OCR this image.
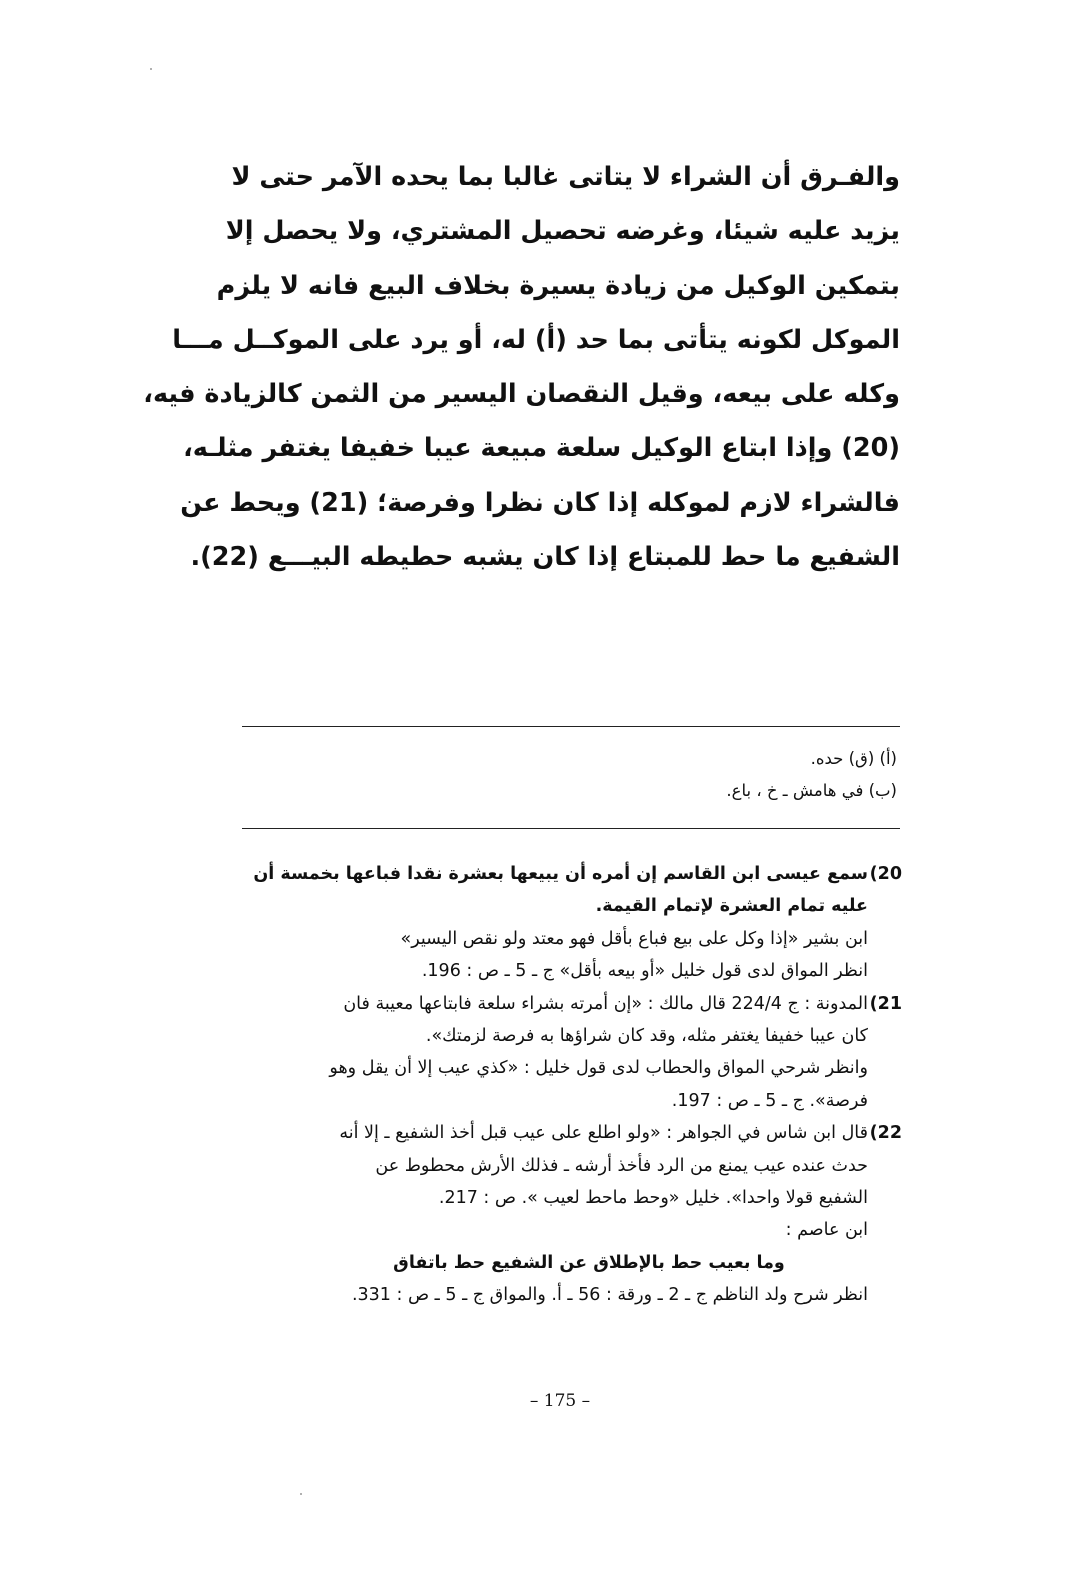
والفـرق أن الشراء لا يتاتى غالبا بما يحده الآمر حتى لا
يزيد عليه شيئا، وغرضه تحصيل المشتري، ولا يحصل إلا
بتمكين الوكيل من زيادة يسيرة بخلاف البيع فانه لا يلزم
الموكل لكونه يتأتى بما حد (أ) له، أو يرد على الموكــل مـــا
وكله على بيعه، وقيل النقصان اليسير من الثمن كالزيادة فيه،
(20) وإذا ابتاع الوكيل سلعة مبيعة عيبا خفيفا يغتفر مثلـه،
فالشراء لازم لموكله إذا كان نظرا وفرصة؛ (21) ويحط عن
الشفيع ما حط للمبتاع إذا كان يشبه حطيطه البيـــع (22).
(أ) (ق) حده.
(ب) في هامش ـ خ ، باع.
20)
سمع عيسى ابن القاسم إن أمره أن يبيعها بعشرة نقدا فباعها بخمسة أن
عليه تمام العشرة لإتمام القيمة.
ابن بشير «إذا وكل على بيع فباع بأقل فهو معتد ولو نقص اليسير»
انظر المواق لدى قول خليل «أو بيعه بأقل» ج ـ 5 ـ ص : 196.
21)
المدونة : ج 224/4 قال مالك : «إن أمرته بشراء سلعة فابتاعها معيبة فان
كان عيبا خفيفا يغتفر مثله، وقد كان شراؤها به فرصة لزمتك».
وانظر شرحي المواق والحطاب لدى قول خليل : «كذي عيب إلا أن يقل وهو
فرصة». ج ـ 5 ـ ص : 197.
22)
قال ابن شاس في الجواهر : «ولو اطلع على عيب قبل أخذ الشفيع ـ إلا أنه
حدث عنده عيب يمنع من الرد فأخذ أرشه ـ فذلك الأرش محطوط عن
الشفيع قولا واحدا». خليل «وحط ماحط لعيب ». ص : 217.
ابن عاصم :
وما بعيب حط بالإطلاق عن الشفيع حط باتفاق
انظر شرح ولد الناظم ج ـ 2 ـ ورقة : 56 ـ أ. والمواق ج ـ 5 ـ ص : 331.
– 175 –
